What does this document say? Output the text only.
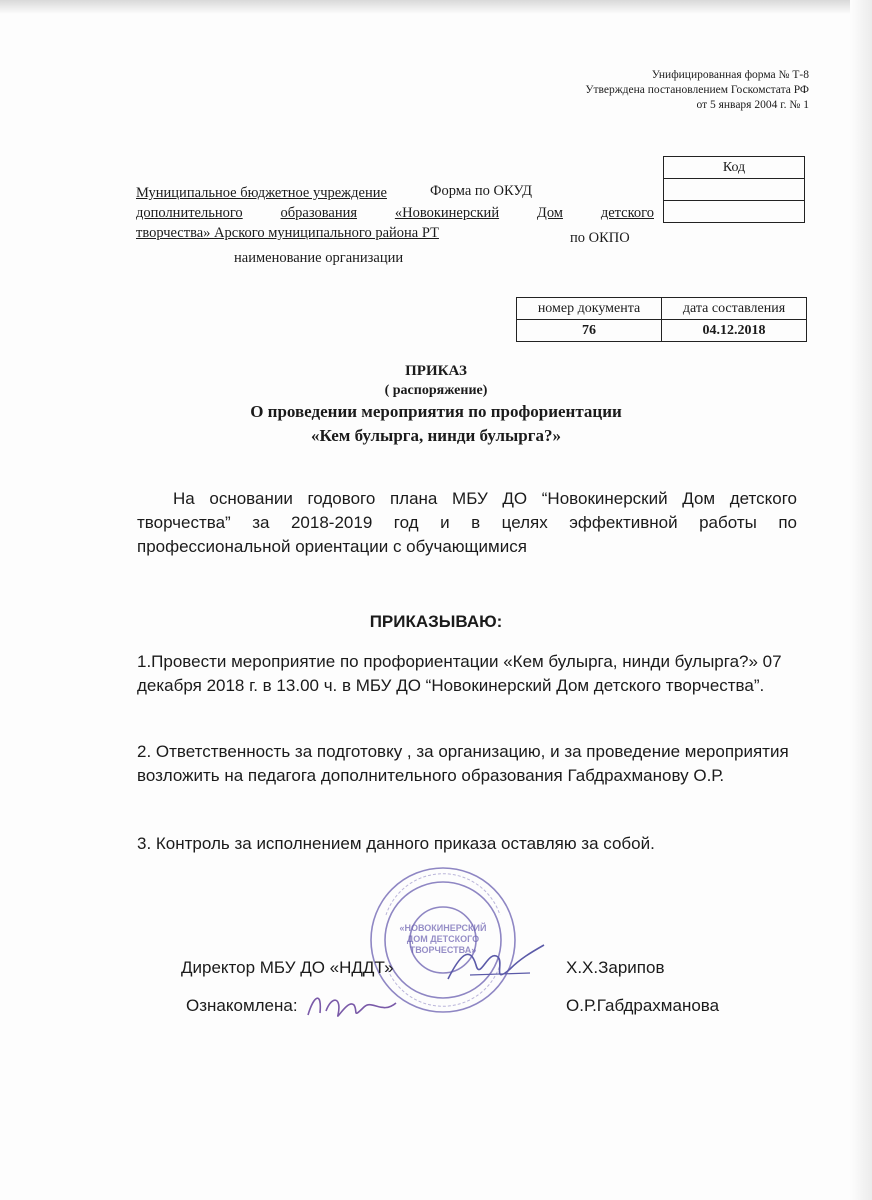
Унифицированная форма № Т-8
Утверждена постановлением Госкомстата РФ
от 5 января 2004 г. № 1
Код

Муниципальное бюджетное учреждение
дополнительного	образования	«Новокинерский	Дом	детского
творчества» Арского муниципального района РТ
Форма по ОКУД
по ОКПО
наименование организации
номер документа	дата составления
76	04.12.2018
ПРИКАЗ
( распоряжение)
О проведении мероприятия по профориентации
«Кем булырга, нинди булырга?»
На основании годового плана МБУ ДО “Новокинерский Дом детского творчества” за 2018-2019 год и в целях эффективной работы по профессиональной ориентации с обучающимися
ПРИКАЗЫВАЮ:
1.Провести мероприятие по профориентации «Кем булырга, нинди булырга?» 07 декабря 2018 г. в 13.00 ч. в МБУ ДО “Новокинерский Дом детского творчества”.
2. Ответственность за подготовку , за организацию, и за проведение мероприятия возложить на педагога дополнительного образования Габдрахманову О.Р.
3. Контроль за исполнением данного приказа оставляю за собой.
«НОВОКИНЕРСКИЙ
ДОМ ДЕТСКОГО
ТВОРЧЕСТВА»
Директор МБУ ДО «НДДТ»	Х.Х.Зарипов
Ознакомлена:	О.Р.Габдрахманова
